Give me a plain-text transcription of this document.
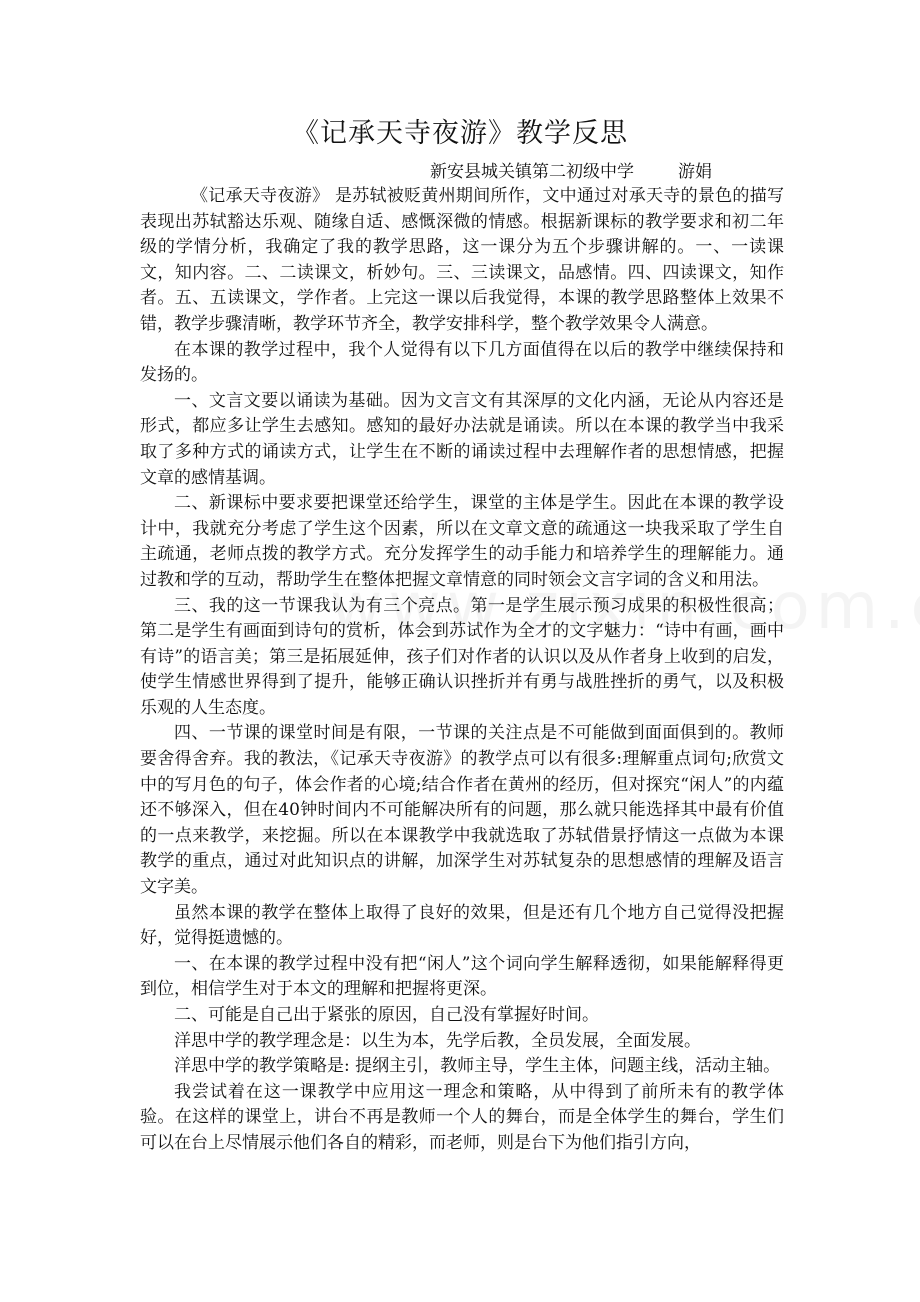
《记承天寺夜游》教学反思
新安县城关镇第二初级中学	游娟

《记承天寺夜游》 是苏轼被贬黄州期间所作，文中通过对承天寺的景色的描写表现出苏轼豁达乐观、随缘自适、感慨深微的情感。根据新课标的教学要求和初二年级的学情分析，我确定了我的教学思路，这一课分为五个步骤讲解的。一、一读课文，知内容。二、二读课文，析妙句。三、三读课文，品感情。四、四读课文，知作者。五、五读课文，学作者。上完这一课以后我觉得，本课的教学思路整体上效果不错，教学步骤清晰，教学环节齐全，教学安排科学，整个教学效果令人满意。

在本课的教学过程中，我个人觉得有以下几方面值得在以后的教学中继续保持和发扬的。

一、文言文要以诵读为基础。因为文言文有其深厚的文化内涵，无论从内容还是形式，都应多让学生去感知。感知的最好办法就是诵读。所以在本课的教学当中我采取了多种方式的诵读方式，让学生在不断的诵读过程中去理解作者的思想情感，把握文章的感情基调。

二、新课标中要求要把课堂还给学生，课堂的主体是学生。因此在本课的教学设计中，我就充分考虑了学生这个因素，所以在文章文意的疏通这一块我采取了学生自主疏通，老师点拨的教学方式。充分发挥学生的动手能力和培养学生的理解能力。通过教和学的互动，帮助学生在整体把握文章情意的同时领会文言字词的含义和用法。

三、我的这一节课我认为有三个亮点。第一是学生展示预习成果的积极性很高；第二是学生有画面到诗句的赏析，体会到苏试作为全才的文字魅力：“诗中有画，画中有诗”的语言美；第三是拓展延伸，孩子们对作者的认识以及从作者身上收到的启发，使学生情感世界得到了提升，能够正确认识挫折并有勇与战胜挫折的勇气，以及积极乐观的人生态度。

四、一节课的课堂时间是有限，一节课的关注点是不可能做到面面俱到的。教师要舍得舍弃。我的教法，《记承天寺夜游》的教学点可以有很多:理解重点词句;欣赏文中的写月色的句子，体会作者的心境;结合作者在黄州的经历，但对探究“闲人”的内蕴还不够深入，但在40钟时间内不可能解决所有的问题，那么就只能选择其中最有价值的一点来教学，来挖掘。所以在本课教学中我就选取了苏轼借景抒情这一点做为本课教学的重点，通过对此知识点的讲解，加深学生对苏轼复杂的思想感情的理解及语言文字美。

虽然本课的教学在整体上取得了良好的效果，但是还有几个地方自己觉得没把握好，觉得挺遗憾的。

一、在本课的教学过程中没有把“闲人”这个词向学生解释透彻，如果能解释得更到位，相信学生对于本文的理解和把握将更深。

二、可能是自己出于紧张的原因，自己没有掌握好时间。

洋思中学的教学理念是：以生为本，先学后教，全员发展，全面发展。

洋思中学的教学策略是: 提纲主引，教师主导，学生主体，问题主线，活动主轴。

我尝试着在这一课教学中应用这一理念和策略，从中得到了前所未有的教学体验。在这样的课堂上，讲台不再是教师一个人的舞台，而是全体学生的舞台，学生们可以在台上尽情展示他们各自的精彩，而老师，则是台下为他们指引方向，
